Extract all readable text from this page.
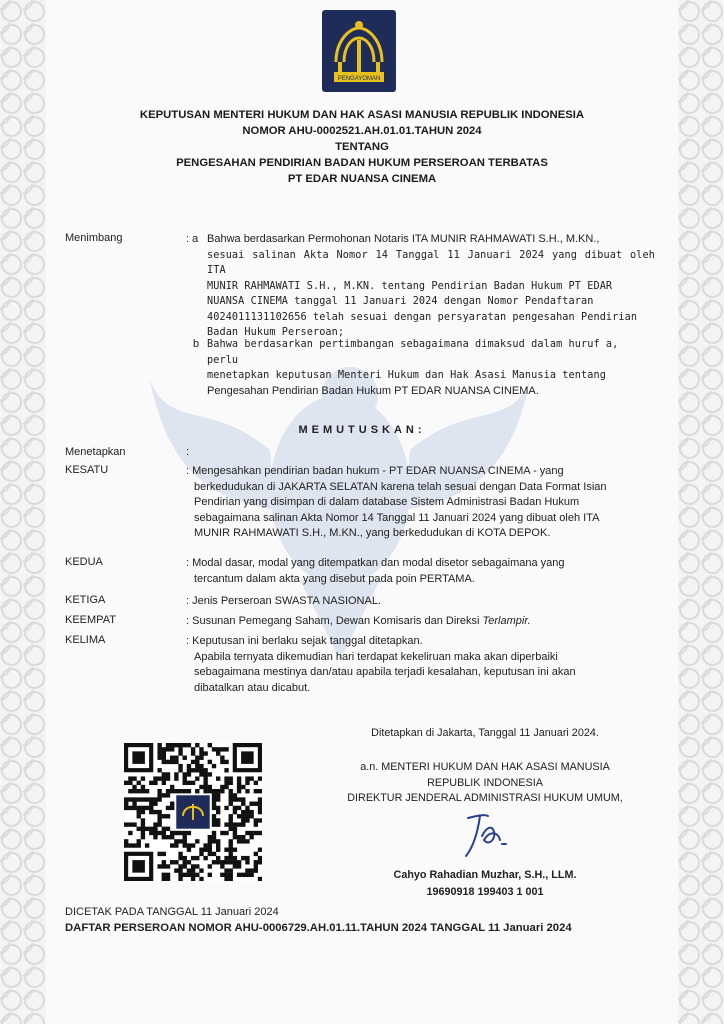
PENGAYOMAN
KEPUTUSAN MENTERI HUKUM DAN HAK ASASI MANUSIA REPUBLIK INDONESIA
NOMOR AHU-0002521.AH.01.01.TAHUN 2024
TENTANG
PENGESAHAN PENDIRIAN BADAN HUKUM PERSEROAN TERBATAS
PT EDAR NUANSA CINEMA
Menimbang	: a Bahwa berdasarkan Permohonan Notaris ITA MUNIR RAHMAWATI S.H., M.KN.,
sesuai salinan Akta Nomor 14 Tanggal 11 Januari 2024 yang dibuat oleh ITA
MUNIR RAHMAWATI S.H., M.KN. tentang Pendirian Badan Hukum PT EDAR
NUANSA CINEMA tanggal 11 Januari 2024 dengan Nomor Pendaftaran
4024011131102656 telah sesuai dengan persyaratan pengesahan Pendirian
Badan Hukum Perseroan;
b Bahwa berdasarkan pertimbangan sebagaimana dimaksud dalam huruf a, perlu
menetapkan keputusan Menteri Hukum dan Hak Asasi Manusia tentang
Pengesahan Pendirian Badan Hukum PT EDAR NUANSA CINEMA.
MEMUTUSKAN:
Menetapkan	:
KESATU	: Mengesahkan pendirian badan hukum - PT EDAR NUANSA CINEMA - yang
berkedudukan di JAKARTA SELATAN karena telah sesuai dengan Data Format Isian
Pendirian yang disimpan di dalam database Sistem Administrasi Badan Hukum
sebagaimana salinan Akta Nomor 14 Tanggal 11 Januari 2024 yang dibuat oleh ITA
MUNIR RAHMAWATI S.H., M.KN., yang berkedudukan di KOTA DEPOK.
KEDUA	: Modal dasar, modal yang ditempatkan dan modal disetor sebagaimana yang
tercantum dalam akta yang disebut pada poin PERTAMA.
KETIGA	: Jenis Perseroan SWASTA NASIONAL.
KEEMPAT	: Susunan Pemegang Saham, Dewan Komisaris dan Direksi Terlampir.
KELIMA	: Keputusan ini berlaku sejak tanggal ditetapkan.
Apabila ternyata dikemudian hari terdapat kekeliruan maka akan diperbaiki
sebagaimana mestinya dan/atau apabila terjadi kesalahan, keputusan ini akan
dibatalkan atau dicabut.
Ditetapkan di Jakarta, Tanggal 11 Januari 2024.
a.n. MENTERI HUKUM DAN HAK ASASI MANUSIA
REPUBLIK INDONESIA
DIREKTUR JENDERAL ADMINISTRASI HUKUM UMUM,
Cahyo Rahadian Muzhar, S.H., LLM.
19690918 199403 1 001
DICETAK PADA TANGGAL 11 Januari 2024
DAFTAR PERSEROAN NOMOR AHU-0006729.AH.01.11.TAHUN 2024 TANGGAL 11 Januari 2024
